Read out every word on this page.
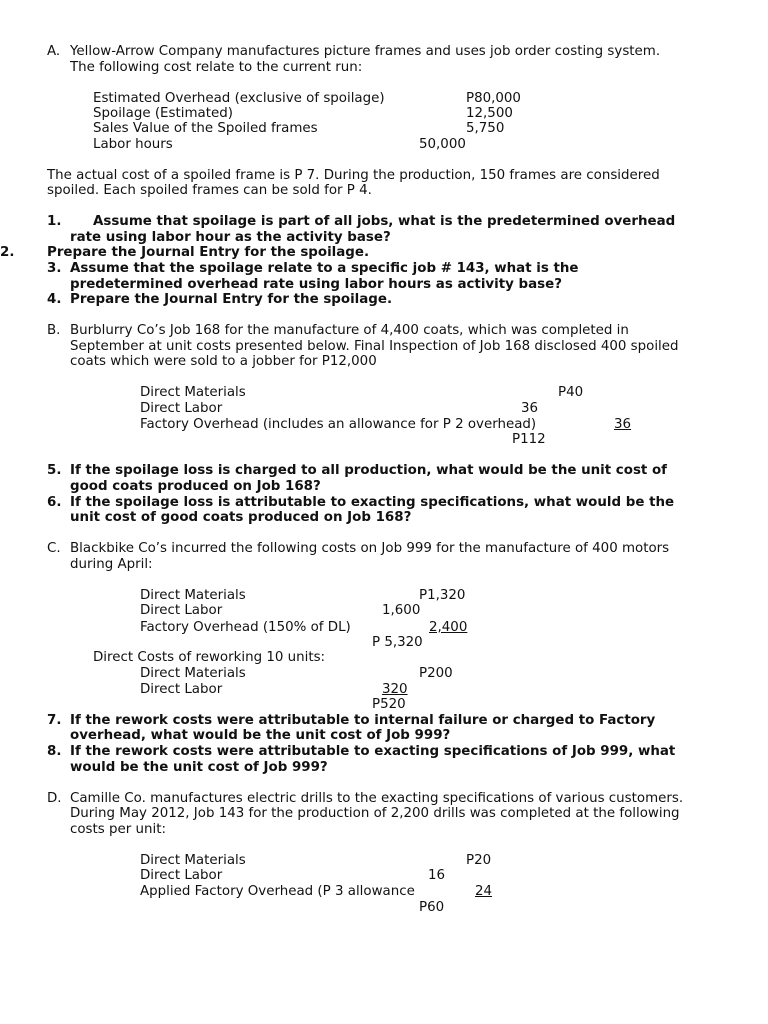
A. Yellow-Arrow Company manufactures picture frames and uses job order costing system.
The following cost relate to the current run:
Estimated Overhead (exclusive of spoilage)	P80,000
Spoilage (Estimated)	12,500
Sales Value of the Spoiled frames	5,750
Labor hours	50,000
The actual cost of a spoiled frame is P 7. During the production, 150 frames are considered
spoiled. Each spoiled frames can be sold for P 4.
1. Assume that spoilage is part of all jobs, what is the predetermined overhead
rate using labor hour as the activity base?
2. Prepare the Journal Entry for the spoilage.
3. Assume that the spoilage relate to a specific job # 143, what is the
predetermined overhead rate using labor hours as activity base?
4. Prepare the Journal Entry for the spoilage.
B. Burblurry Co’s Job 168 for the manufacture of 4,400 coats, which was completed in
September at unit costs presented below. Final Inspection of Job 168 disclosed 400 spoiled
coats which were sold to a jobber for P12,000
Direct Materials	P40
Direct Labor	36
Factory Overhead (includes an allowance for P 2 overhead)	36
P112
5. If the spoilage loss is charged to all production, what would be the unit cost of
good coats produced on Job 168?
6. If the spoilage loss is attributable to exacting specifications, what would be the
unit cost of good coats produced on Job 168?
C. Blackbike Co’s incurred the following costs on Job 999 for the manufacture of 400 motors
during April:
Direct Materials	P1,320
Direct Labor	1,600
Factory Overhead (150% of DL)	2,400
P 5,320
Direct Costs of reworking 10 units:
Direct Materials	P200
Direct Labor	320
P520
7. If the rework costs were attributable to internal failure or charged to Factory
overhead, what would be the unit cost of Job 999?
8. If the rework costs were attributable to exacting specifications of Job 999, what
would be the unit cost of Job 999?
D. Camille Co. manufactures electric drills to the exacting specifications of various customers.
During May 2012, Job 143 for the production of 2,200 drills was completed at the following
costs per unit:
Direct Materials	P20
Direct Labor	16
Applied Factory Overhead (P 3 allowance	24
P60
